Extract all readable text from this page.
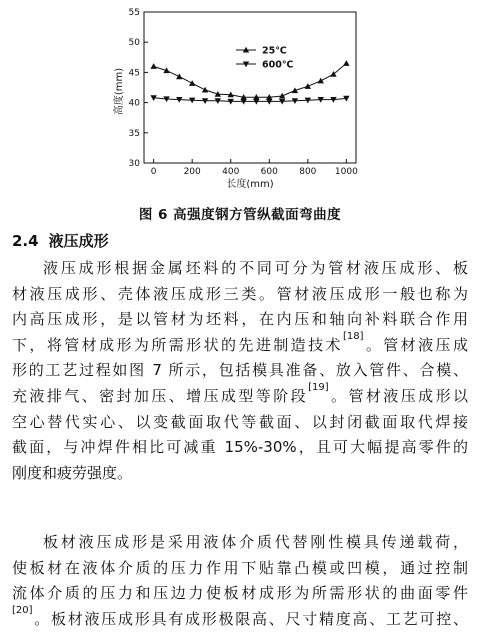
0	200 400 600 800 1000
30
35
40
45
50
55
长度(mm)
高度(mm)
25℃
600℃
图 6 高强度钢方管纵截面弯曲度
2.4 液压成形
液压成形根据金属坯料的不同可分为管材液压成形、板
材液压成形、壳体液压成形三类。管材液压成形一般也称为
内高压成形，是以管材为坯料，在内压和轴向补料联合作用
下，将管材成形为所需形状的先进制造技术[18]。管材液压成
形的工艺过程如图 7 所示，包括模具准备、放入管件、合模、
充液排气、密封加压、增压成型等阶段[19]。管材液压成形以
空心替代实心、以变截面取代等截面、以封闭截面取代焊接
截面，与冲焊件相比可减重 15%-30%，且可大幅提高零件的
刚度和疲劳强度。
板材液压成形是采用液体介质代替刚性模具传递载荷，
使板材在液体介质的压力作用下贴靠凸模或凹模，通过控制
流体介质的压力和压边力使板材成形为所需形状的曲面零件
[20]。板材液压成形具有成形极限高、尺寸精度高、工艺可控、
